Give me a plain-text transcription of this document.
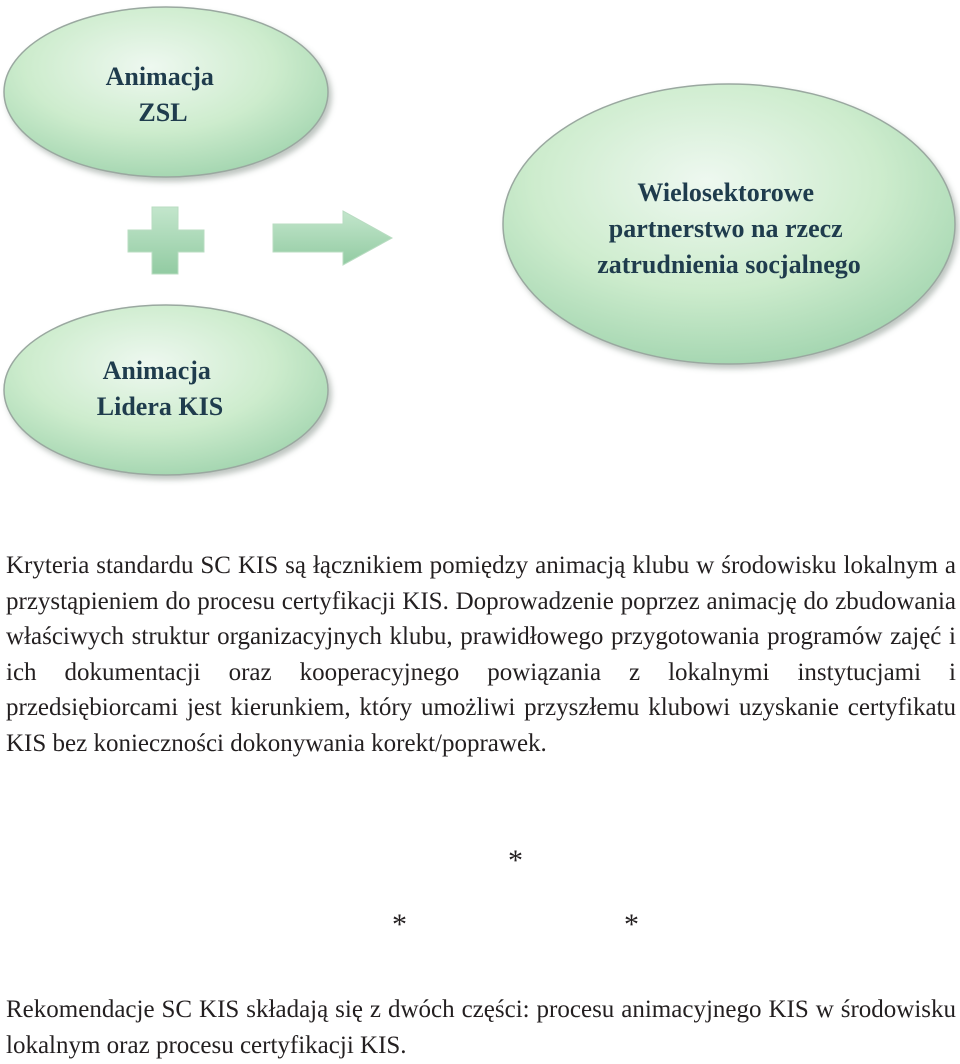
Animacja ZSL
Animacja Lidera KIS
Wielosektorowe partnerstwo na rzecz zatrudnienia socjalnego

Kryteria standardu SC KIS są łącznikiem pomiędzy animacją klubu w środowisku lokalnym a przystąpieniem do procesu certyfikacji KIS. Doprowadzenie poprzez animację do zbudowania właściwych struktur organizacyjnych klubu, prawidłowego przygotowania programów zajęć i ich dokumentacji oraz kooperacyjnego powiązania z lokalnymi instytucjami i przedsiębiorcami jest kierunkiem, który umożliwi przyszłemu klubowi uzyskanie certyfikatu KIS bez konieczności dokonywania korekt/poprawek.

*
*	*

Rekomendacje SC KIS składają się z dwóch części: procesu animacyjnego KIS w środowisku lokalnym oraz procesu certyfikacji KIS.
